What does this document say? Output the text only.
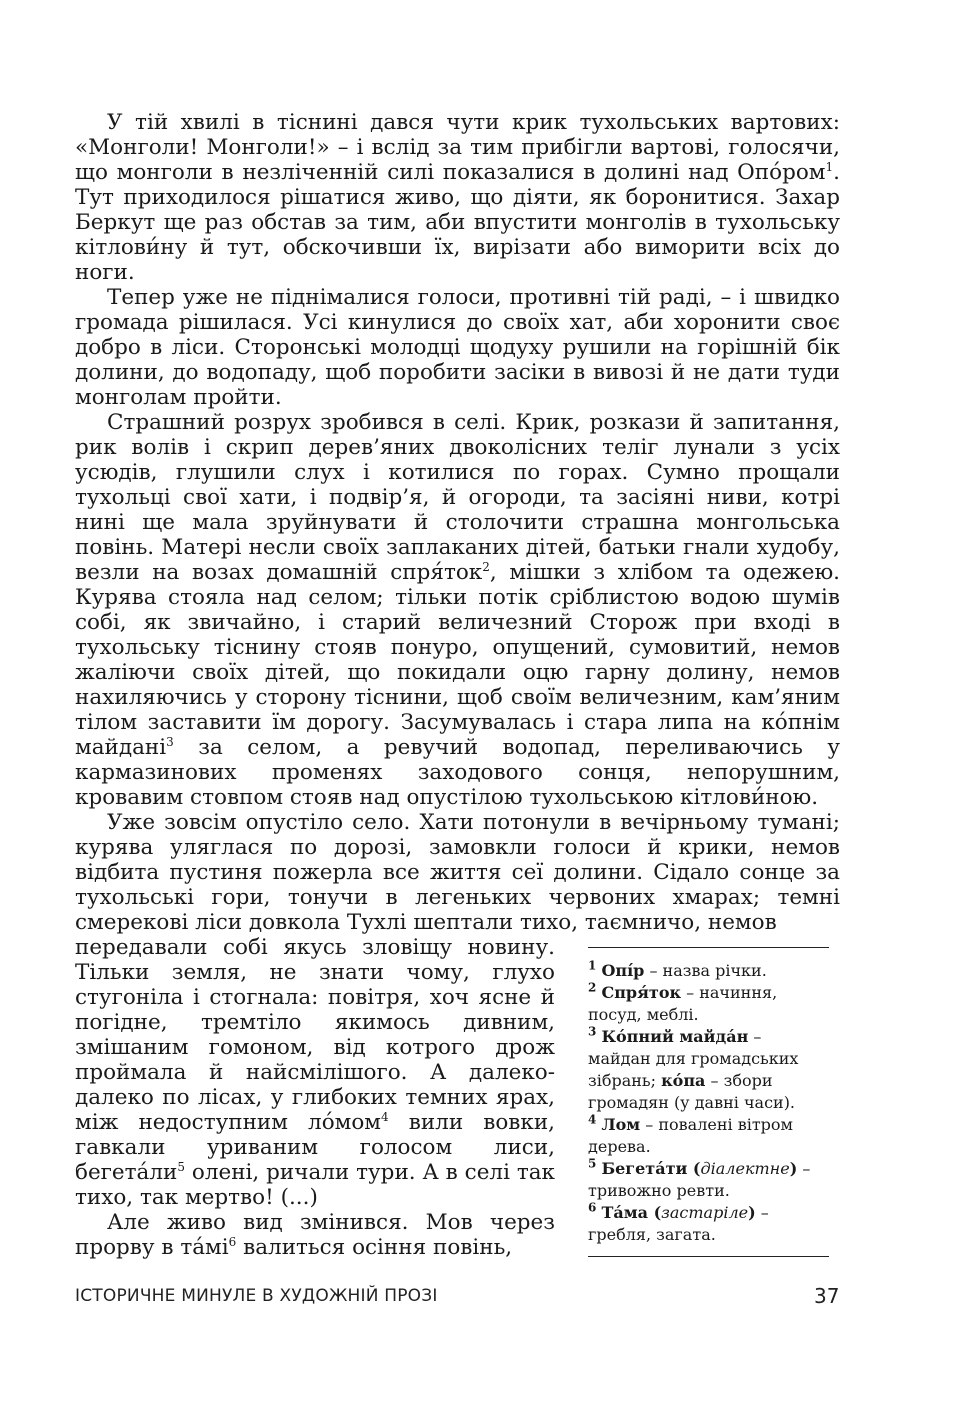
У тій хвилі в тіснині дався чути крик тухольських вартових: «Монголи! Монголи!» – і вслід за тим прибігли вартові, голосячи, що монголи в незліченній силі показалися в долині над Опо́ром$^1$. Тут приходилося рішатися живо, що діяти, як боронитися. Захар Беркут ще раз обстав за тим, аби впустити монголів в тухольську кітлови́ну й тут, обскочивши їх, вирізати або виморити всіх до ноги.

Тепер уже не піднімалися голоси, противні тій раді, – і швидко громада рішилася. Усі кинулися до своїх хат, аби хоронити своє добро в ліси. Сторонські молодці щодуху рушили на горішній бік долини, до водопаду, щоб поробити засіки в вивозі й не дати туди монголам пройти.

Страшний розрух зробився в селі. Крик, розкази й запитання, рик волів і скрип дерев’яних двоколісних теліг лунали з усіх усюдів, глушили слух і котилися по горах. Сумно прощали тухольці свої хати, і подвір’я, й огороди, та засіяні ниви, котрі нині ще мала зруйнувати й столочити страшна монгольська повінь. Матері несли своїх заплаканих дітей, батьки гнали худобу, везли на возах домашній спря́ток$^2$, мішки з хлібом та одежею. Курява стояла над селом; тільки потік сріблистою водою шумів собі, як звичайно, і старий величезний Сторож при вході в тухольську тіснину стояв понуро, опущений, сумовитий, немов жаліючи своїх дітей, що покидали оцю гарну долину, немов нахиляючись у сторону тіснини, щоб своїм величезним, кам’яним тілом заставити їм дорогу. Засумувалась і стара липа на ко́пнім майдані$^3$ за селом, а ревучий водопад, переливаючись у кармазинових променях заходового сонця, непорушним, кровавим стовпом стояв над опустілою тухольською кітлови́ною.

Уже зовсім опустіло село. Хати потонули в вечірньому тумані; курява уляглася по дорозі, замовкли голоси й крики, немов відбита пустиня пожерла все життя сеї долини. Сідало сонце за тухольські гори, тонучи в легеньких червоних хмарах; темні смерекові ліси довкола Тухлі шептали тихо, таємничо, немов

передавали собі якусь зловіщу новину. Тільки земля, не знати чому, глухо стугоніла і стогнала: повітря, хоч ясне й погідне, тремтіло якимось дивним, змішаним гомоном, від котрого дрож проймала й найсмілішого. А далеко-далеко по лісах, у глибоких темних ярах, між недоступним ло́мом$^4$ вили вовки, гавкали уриваним голосом лиси, $бегета́ли^5$ олені, ричали тури. А в селі так тихо, так мертво! (...)

Але живо вид змінився. Мов через прорву в $та́мі^6$ валиться осіння повінь,

$^1$ Опі́р – назва річки.

$^2$ Спря́ток – начиння, посуд, меблі.

$^3$ Ко́пний майда́н – майдан для громадських зібрань; ко́па – збори громадян (у давні часи).

$^4$ Лом – повалені вітром дерева.

$^5$ Бегета́ти (діалектне) – тривожно ревти.

$^6$ Та́ма (застаріле) – гребля, загата.

ІСТОРИЧНЕ МИНУЛЕ В ХУДОЖНІЙ ПРОЗІ	37
